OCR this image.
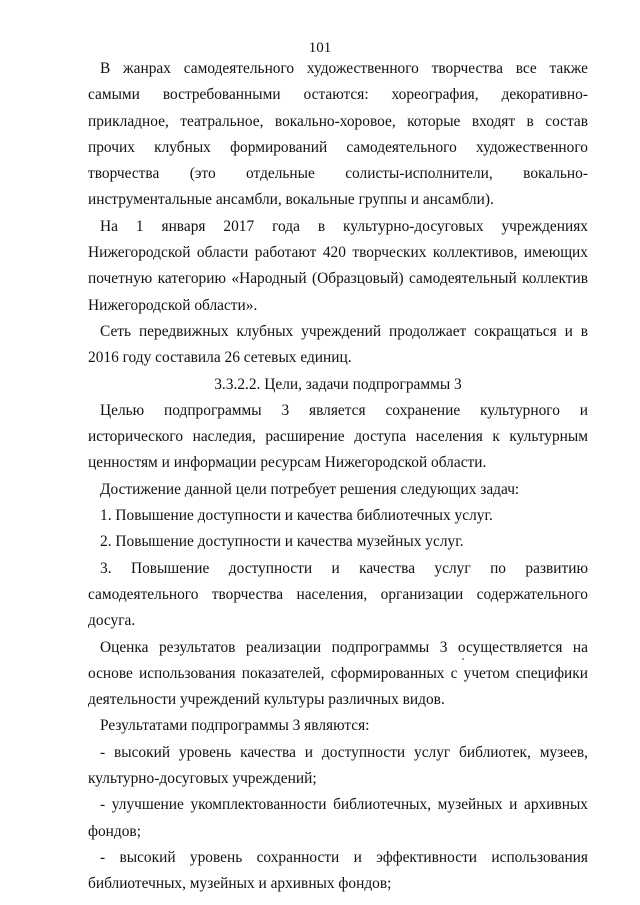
101

В жанрах самодеятельного художественного творчества все также самыми востребованными остаются: хореография, декоративно-прикладное, театральное, вокально-хоровое, которые входят в состав прочих клубных формирований самодеятельного художественного творчества (это отдельные солисты-исполнители, вокально-инструментальные ансамбли, вокальные группы и ансамбли).

На 1 января 2017 года в культурно-досуговых учреждениях Нижегородской области работают 420 творческих коллективов, имеющих почетную категорию «Народный (Образцовый) самодеятельный коллектив Нижегородской области».

Сеть передвижных клубных учреждений продолжает сокращаться и в 2016 году составила 26 сетевых единиц.

3.3.2.2. Цели, задачи подпрограммы 3

Целью подпрограммы 3 является сохранение культурного и исторического наследия, расширение доступа населения к культурным ценностям и информации ресурсам Нижегородской области.

Достижение данной цели потребует решения следующих задач:

1. Повышение доступности и качества библиотечных услуг.

2. Повышение доступности и качества музейных услуг.

3. Повышение доступности и качества услуг по развитию самодеятельного творчества населения, организации содержательного досуга.

Оценка результатов реализации подпрограммы 3 осуществляется на основе использования показателей, сформированных с учетом специфики деятельности учреждений культуры различных видов.

Результатами подпрограммы 3 являются:

- высокий уровень качества и доступности услуг библиотек, музеев, культурно-досуговых учреждений;

- улучшение укомплектованности библиотечных, музейных и архивных фондов;

- высокий уровень сохранности и эффективности использования библиотечных, музейных и архивных фондов;
